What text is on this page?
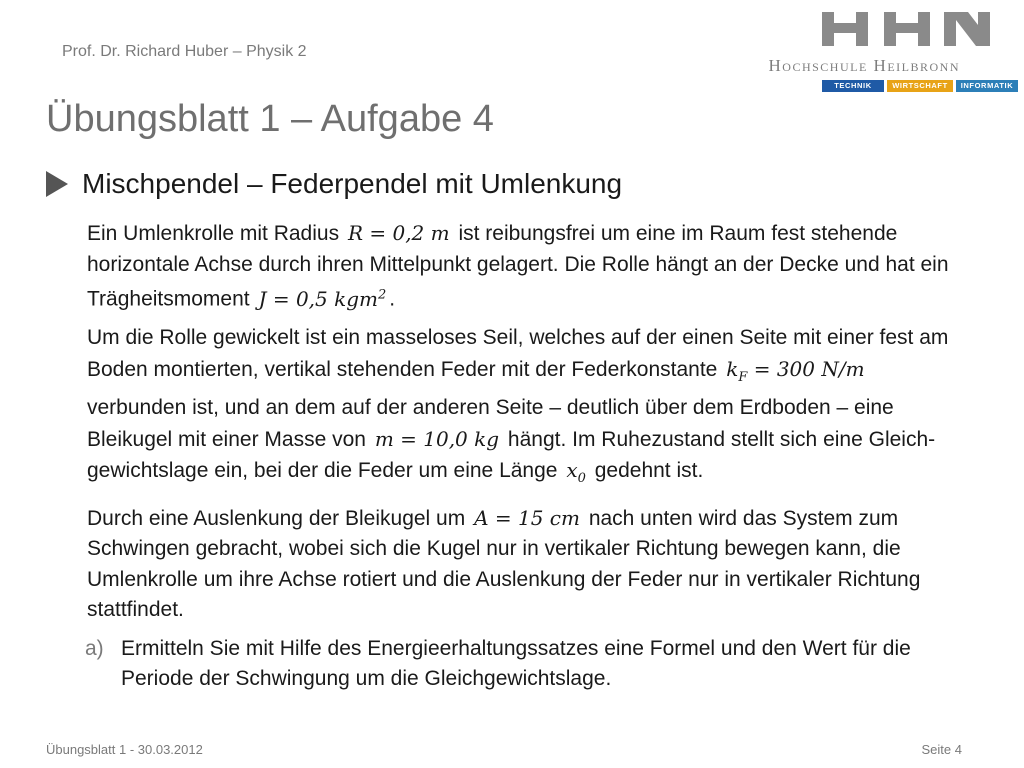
Prof. Dr. Richard Huber – Physik 2
Hochschule Heilbronn
TECHNIK	WIRTSCHAFT	INFORMATIK
Übungsblatt 1 – Aufgabe 4
Mischpendel – Federpendel mit Umlenkung

Ein Umlenkrolle mit Radius R = 0,2 m ist reibungsfrei um eine im Raum fest stehende horizontale Achse durch ihren Mittelpunkt gelagert. Die Rolle hängt an der Decke und hat ein Trägheitsmoment J = 0,5 kgm$^2$ .

Um die Rolle gewickelt ist ein masseloses Seil, welches auf der einen Seite mit einer fest am Boden montierten, vertikal stehenden Feder mit der Federkonstante $k_F = 300$ N/m verbunden ist, und an dem auf der anderen Seite – deutlich über dem Erdboden – eine Bleikugel mit einer Masse von m = 10,0 kg hängt. Im Ruhezustand stellt sich eine Gleich-gewichtslage ein, bei der die Feder um eine Länge $x_0$ gedehnt ist.

Durch eine Auslenkung der Bleikugel um A = 15 cm nach unten wird das System zum Schwingen gebracht, wobei sich die Kugel nur in vertikaler Richtung bewegen kann, die Umlenkrolle um ihre Achse rotiert und die Auslenkung der Feder nur in vertikaler Richtung stattfindet.

a) Ermitteln Sie mit Hilfe des Energieerhaltungssatzes eine Formel und den Wert für die Periode der Schwingung um die Gleichgewichtslage.
Übungsblatt 1 - 30.03.2012	Seite 4
